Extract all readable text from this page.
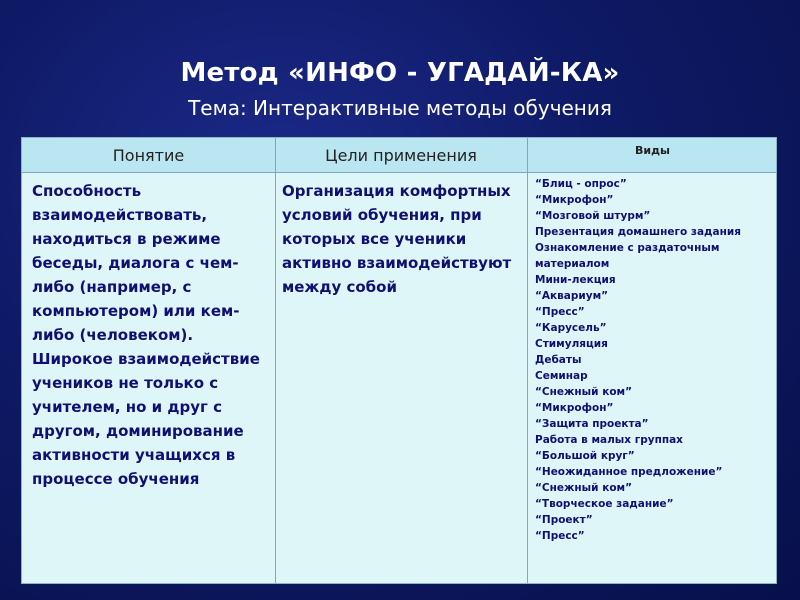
Метод «ИНФО - УГАДАЙ-КА»
Тема: Интерактивные методы обучения
Понятие	Цели применения	Виды
Способность взаимодействовать, находиться в режиме беседы, диалога с чем-либо (например, с компьютером) или кем-либо (человеком). Широкое взаимодействие учеников не только с учителем, но и друг с другом, доминирование активности учащихся в процессе обучения
Организация комфортных условий обучения, при которых все ученики активно взаимодействуют между собой
“Блиц - опрос”
“Микрофон”
“Мозговой штурм”
Презентация домашнего задания
Ознакомление с раздаточным
материалом
Мини-лекция
“Аквариум”
“Пресс”
“Карусель”
Стимуляция
Дебаты
Семинар
“Снежный ком”
“Микрофон”
“Защита проекта”
Работа в малых группах
“Большой круг”
“Неожиданное предложение”
“Снежный ком”
“Творческое задание”
“Проект”
“Пресс”
